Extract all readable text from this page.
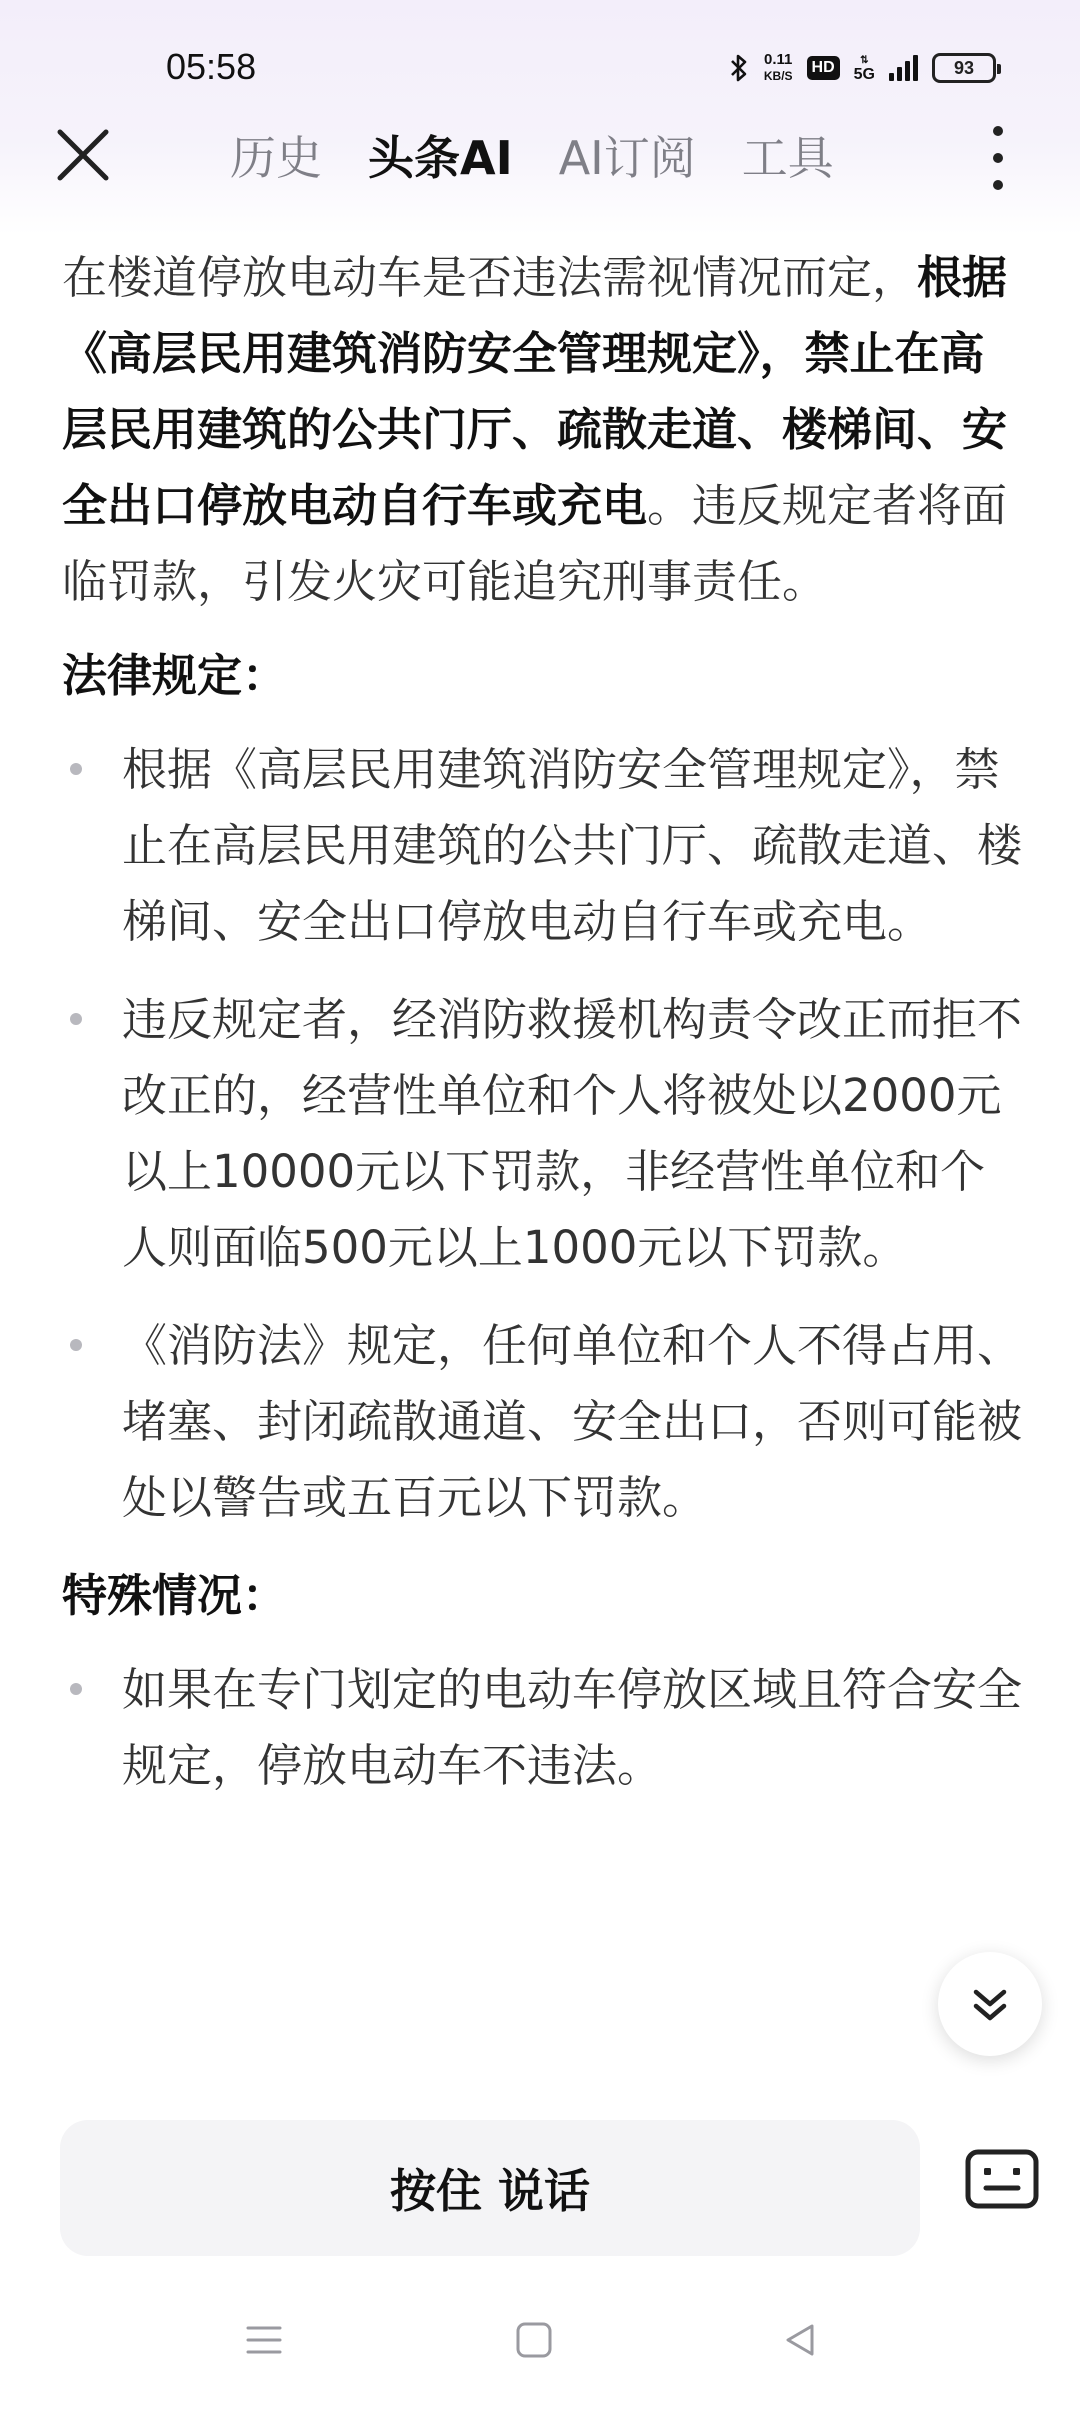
05:58	0.11
KB/S	HD	⇅
5G	93
历史 头条AI AI订阅 工具

在楼道停放电动车是否违法需视情况而定，根据《高层民用建筑消防安全管理规定》，禁止在高层民用建筑的公共门厅、疏散走道、楼梯间、安全出口停放电动自行车或充电。违反规定者将面临罚款，引发火灾可能追究刑事责任。

法律规定：
根据《高层民用建筑消防安全管理规定》，禁止在高层民用建筑的公共门厅、疏散走道、楼梯间、安全出口停放电动自行车或充电。
违反规定者，经消防救援机构责令改正而拒不改正的，经营性单位和个人将被处以2000元以上10000元以下罚款，非经营性单位和个人则面临500元以上1000元以下罚款。
《消防法》规定，任何单位和个人不得占用、堵塞、封闭疏散通道、安全出口，否则可能被处以警告或五百元以下罚款。
特殊情况：
如果在专门划定的电动车停放区域且符合安全规定，停放电动车不违法。
按住 说话
